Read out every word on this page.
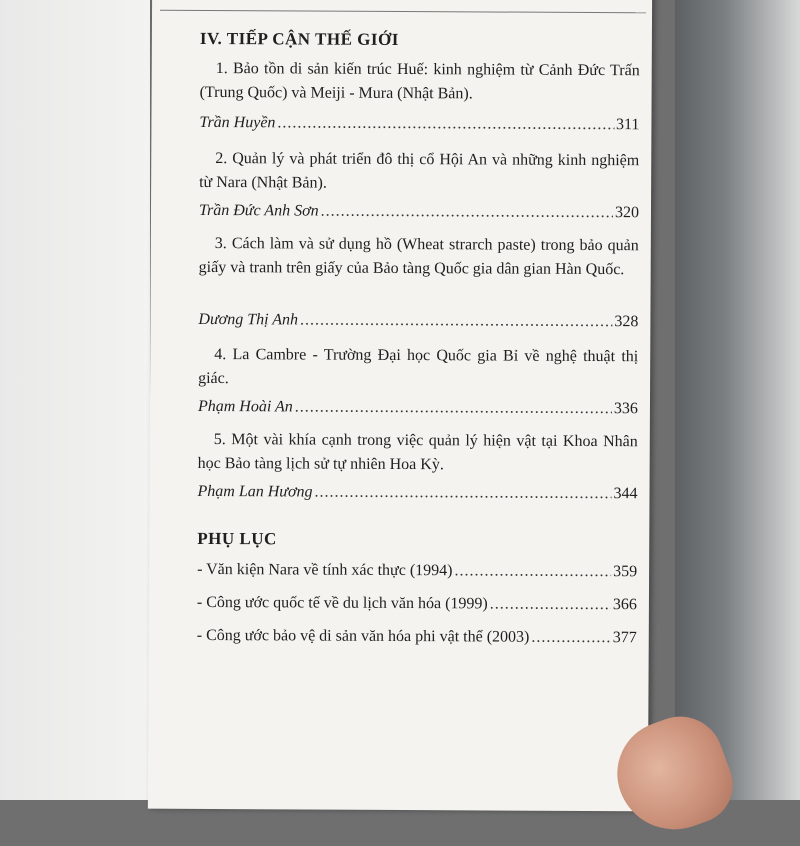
IV. TIẾP CẬN THẾ GIỚI
1. Bảo tồn di sản kiến trúc Huế: kinh nghiệm từ Cảnh Đức Trấn (Trung Quốc) và Meiji - Mura (Nhật Bản).
Trần Huyền .....	311
2. Quản lý và phát triển đô thị cổ Hội An và những kinh nghiệm từ Nara (Nhật Bản).
Trần Đức Anh Sơn .....	320
3. Cách làm và sử dụng hồ (Wheat strarch paste) trong bảo quản giấy và tranh trên giấy của Bảo tàng Quốc gia dân gian Hàn Quốc.
Dương Thị Anh .....	328
4. La Cambre - Trường Đại học Quốc gia Bỉ về nghệ thuật thị giác.
Phạm Hoài An .....	336
5. Một vài khía cạnh trong việc quản lý hiện vật tại Khoa Nhân học Bảo tàng lịch sử tự nhiên Hoa Kỳ.
Phạm Lan Hương .....	344
PHỤ LỤC
- Văn kiện Nara về tính xác thực (1994) .....	359
- Công ước quốc tế về du lịch văn hóa (1999) .....	366
- Công ước bảo vệ di sản văn hóa phi vật thể (2003) .....	377
